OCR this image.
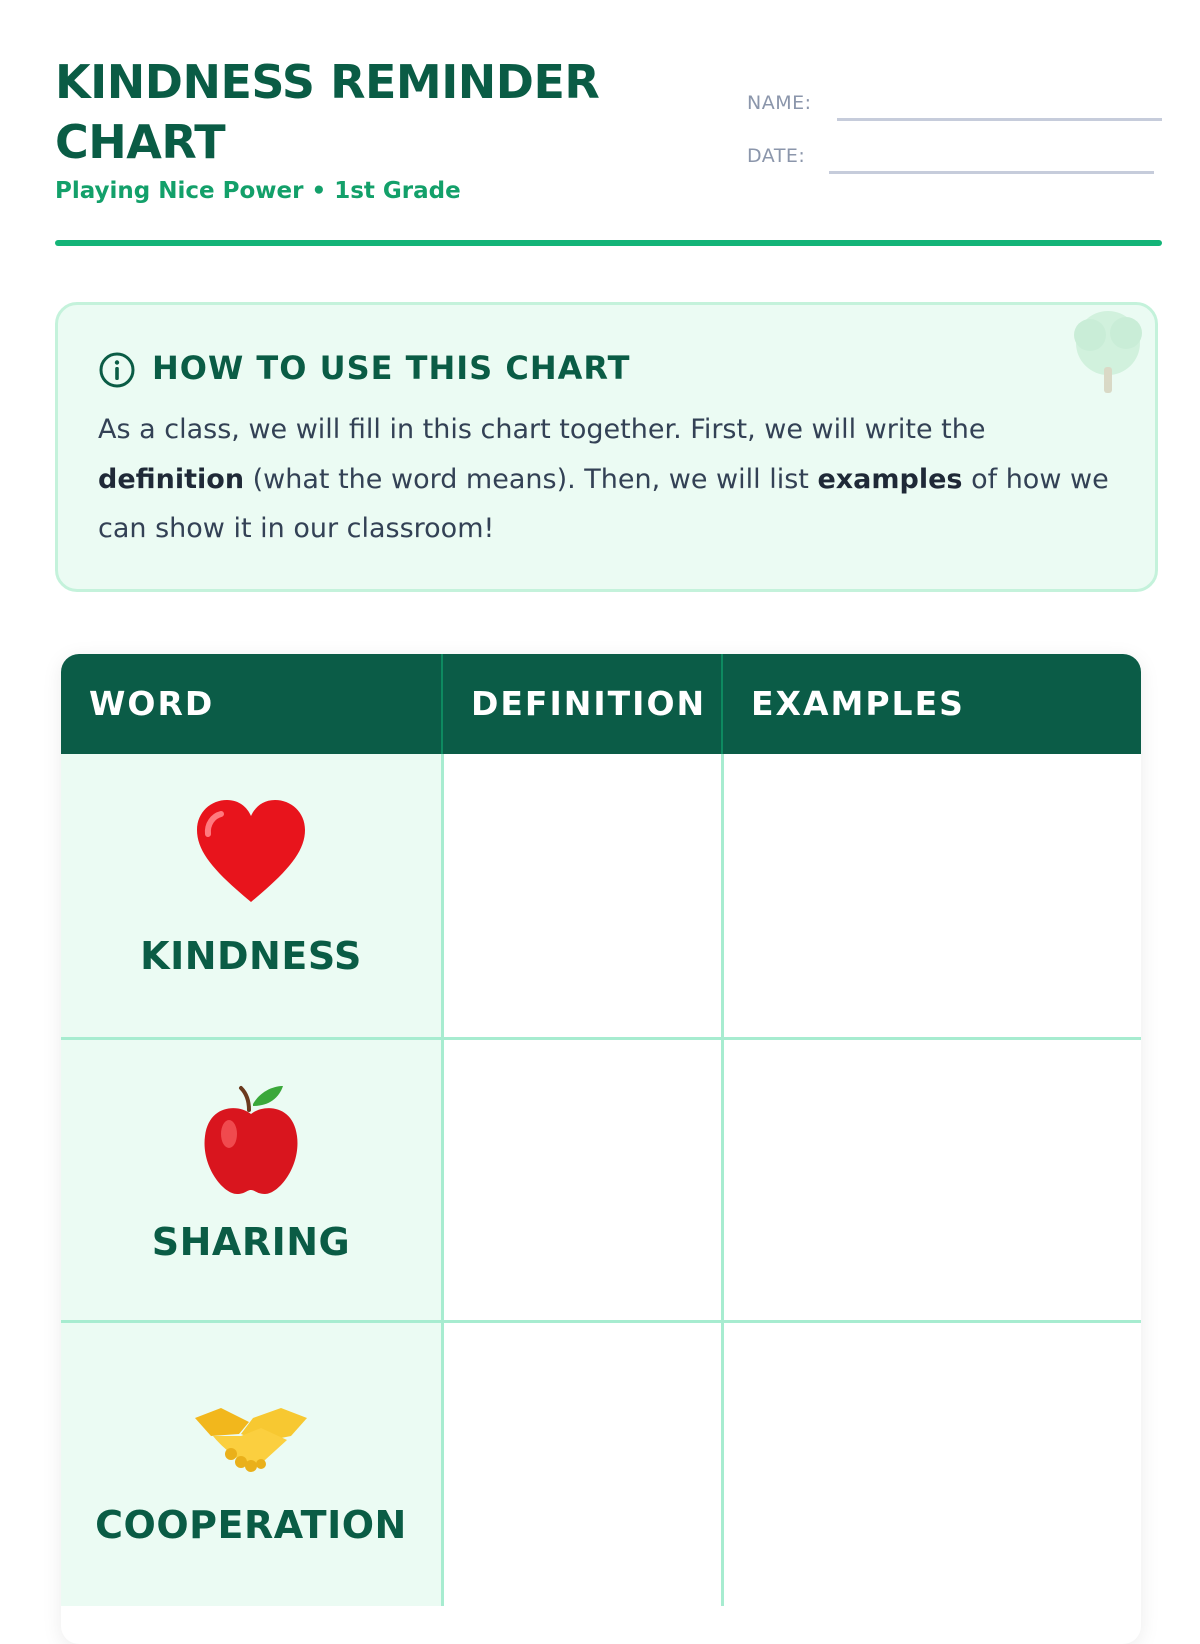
KINDNESS REMINDER CHART
Playing Nice Power • 1st Grade
NAME:
DATE:
HOW TO USE THIS CHART

As a class, we will fill in this chart together. First, we will write the definition (what the word means). Then, we will list examples of how we can show it in our classroom!

WORD	DEFINITION	EXAMPLES
KINDNESS
SHARING
COOPERATION
